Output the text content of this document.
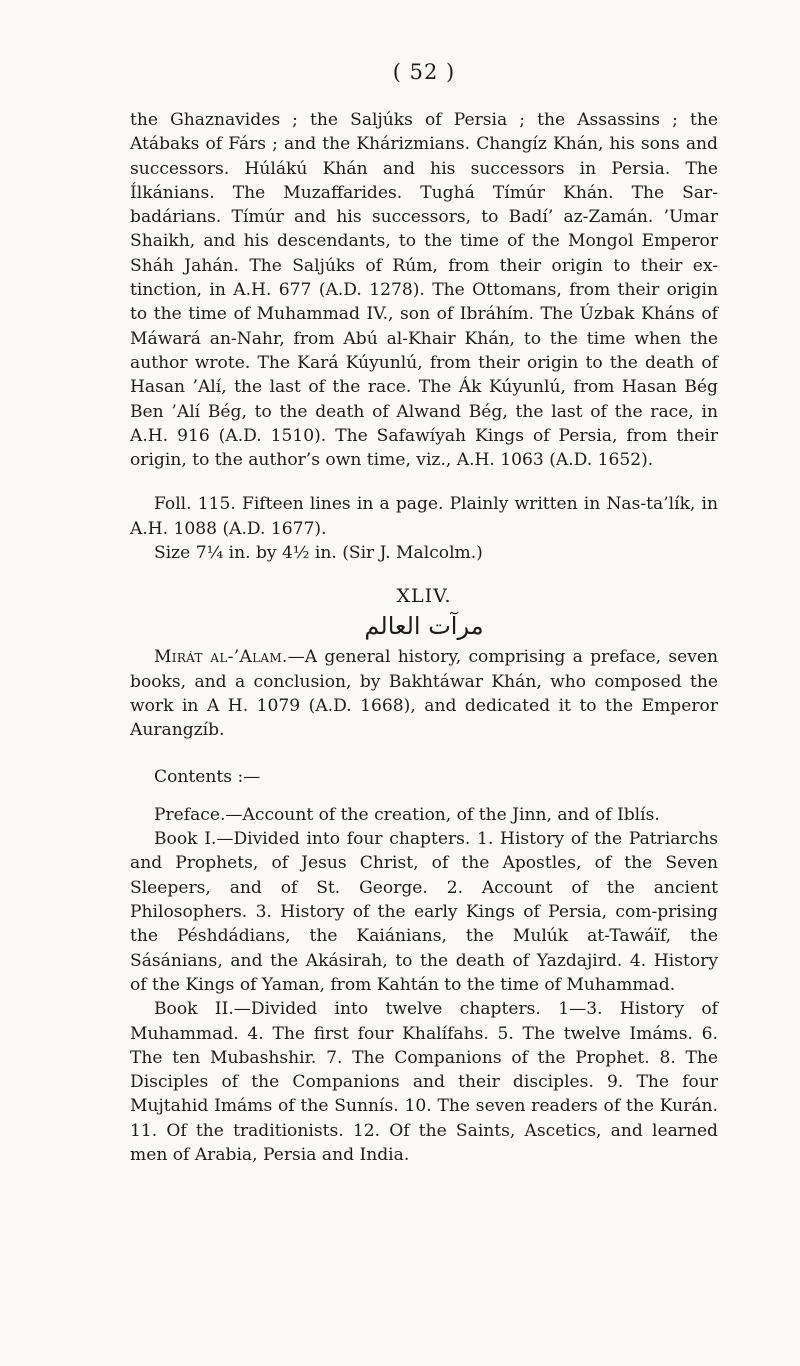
( 52 )

the Ghaznavides ; the Saljúks of Persia ; the Assassins ; the Atábaks of Fárs ; and the Khárizmians. Changíz Khán, his sons and successors. Húlákú Khán and his successors in Persia. The Ílkánians. The Muzaffarides. Tughá Tímúr Khán. The Sar-badárians. Tímúr and his successors, to Badí’ az-Zamán. ’Umar Shaikh, and his descendants, to the time of the Mongol Emperor Sháh Jahán. The Saljúks of Rúm, from their origin to their ex-tinction, in A.H. 677 (A.D. 1278). The Ottomans, from their origin to the time of Muhammad IV., son of Ibráhím. The Úzbak Kháns of Máwará an-Nahr, from Abú al-Khair Khán, to the time when the author wrote. The Kará Kúyunlú, from their origin to the death of Hasan ’Alí, the last of the race. The Ák Kúyunlú, from Hasan Bég Ben ’Alí Bég, to the death of Alwand Bég, the last of the race, in A.H. 916 (A.D. 1510). The Safawíyah Kings of Persia, from their origin, to the author’s own time, viz., A.H. 1063 (A.D. 1652).

Foll. 115. Fifteen lines in a page. Plainly written in Nas-ta’lík, in A.H. 1088 (A.D. 1677).

Size 7¼ in. by 4½ in. (Sir J. Malcolm.)

XLIV.
مرآت العالم

Mirát al-’Alam.—A general history, comprising a preface, seven books, and a conclusion, by Bakhtáwar Khán, who composed the work in A H. 1079 (A.D. 1668), and dedicated it to the Emperor Aurangzíb.

Contents :—

Preface.—Account of the creation, of the Jinn, and of Iblís.

Book I.—Divided into four chapters. 1. History of the Patriarchs and Prophets, of Jesus Christ, of the Apostles, of the Seven Sleepers, and of St. George. 2. Account of the ancient Philosophers. 3. History of the early Kings of Persia, com-prising the Péshdádians, the Kaiánians, the Mulúk at-Tawáïf, the Sásánians, and the Akásirah, to the death of Yazdajird. 4. History of the Kings of Yaman, from Kahtán to the time of Muhammad.

Book II.—Divided into twelve chapters. 1—3. History of Muhammad. 4. The first four Khalífahs. 5. The twelve Imáms. 6. The ten Mubashshir. 7. The Companions of the Prophet. 8. The Disciples of the Companions and their disciples. 9. The four Mujtahid Imáms of the Sunnís. 10. The seven readers of the Kurán. 11. Of the traditionists. 12. Of the Saints, Ascetics, and learned men of Arabia, Persia and India.
